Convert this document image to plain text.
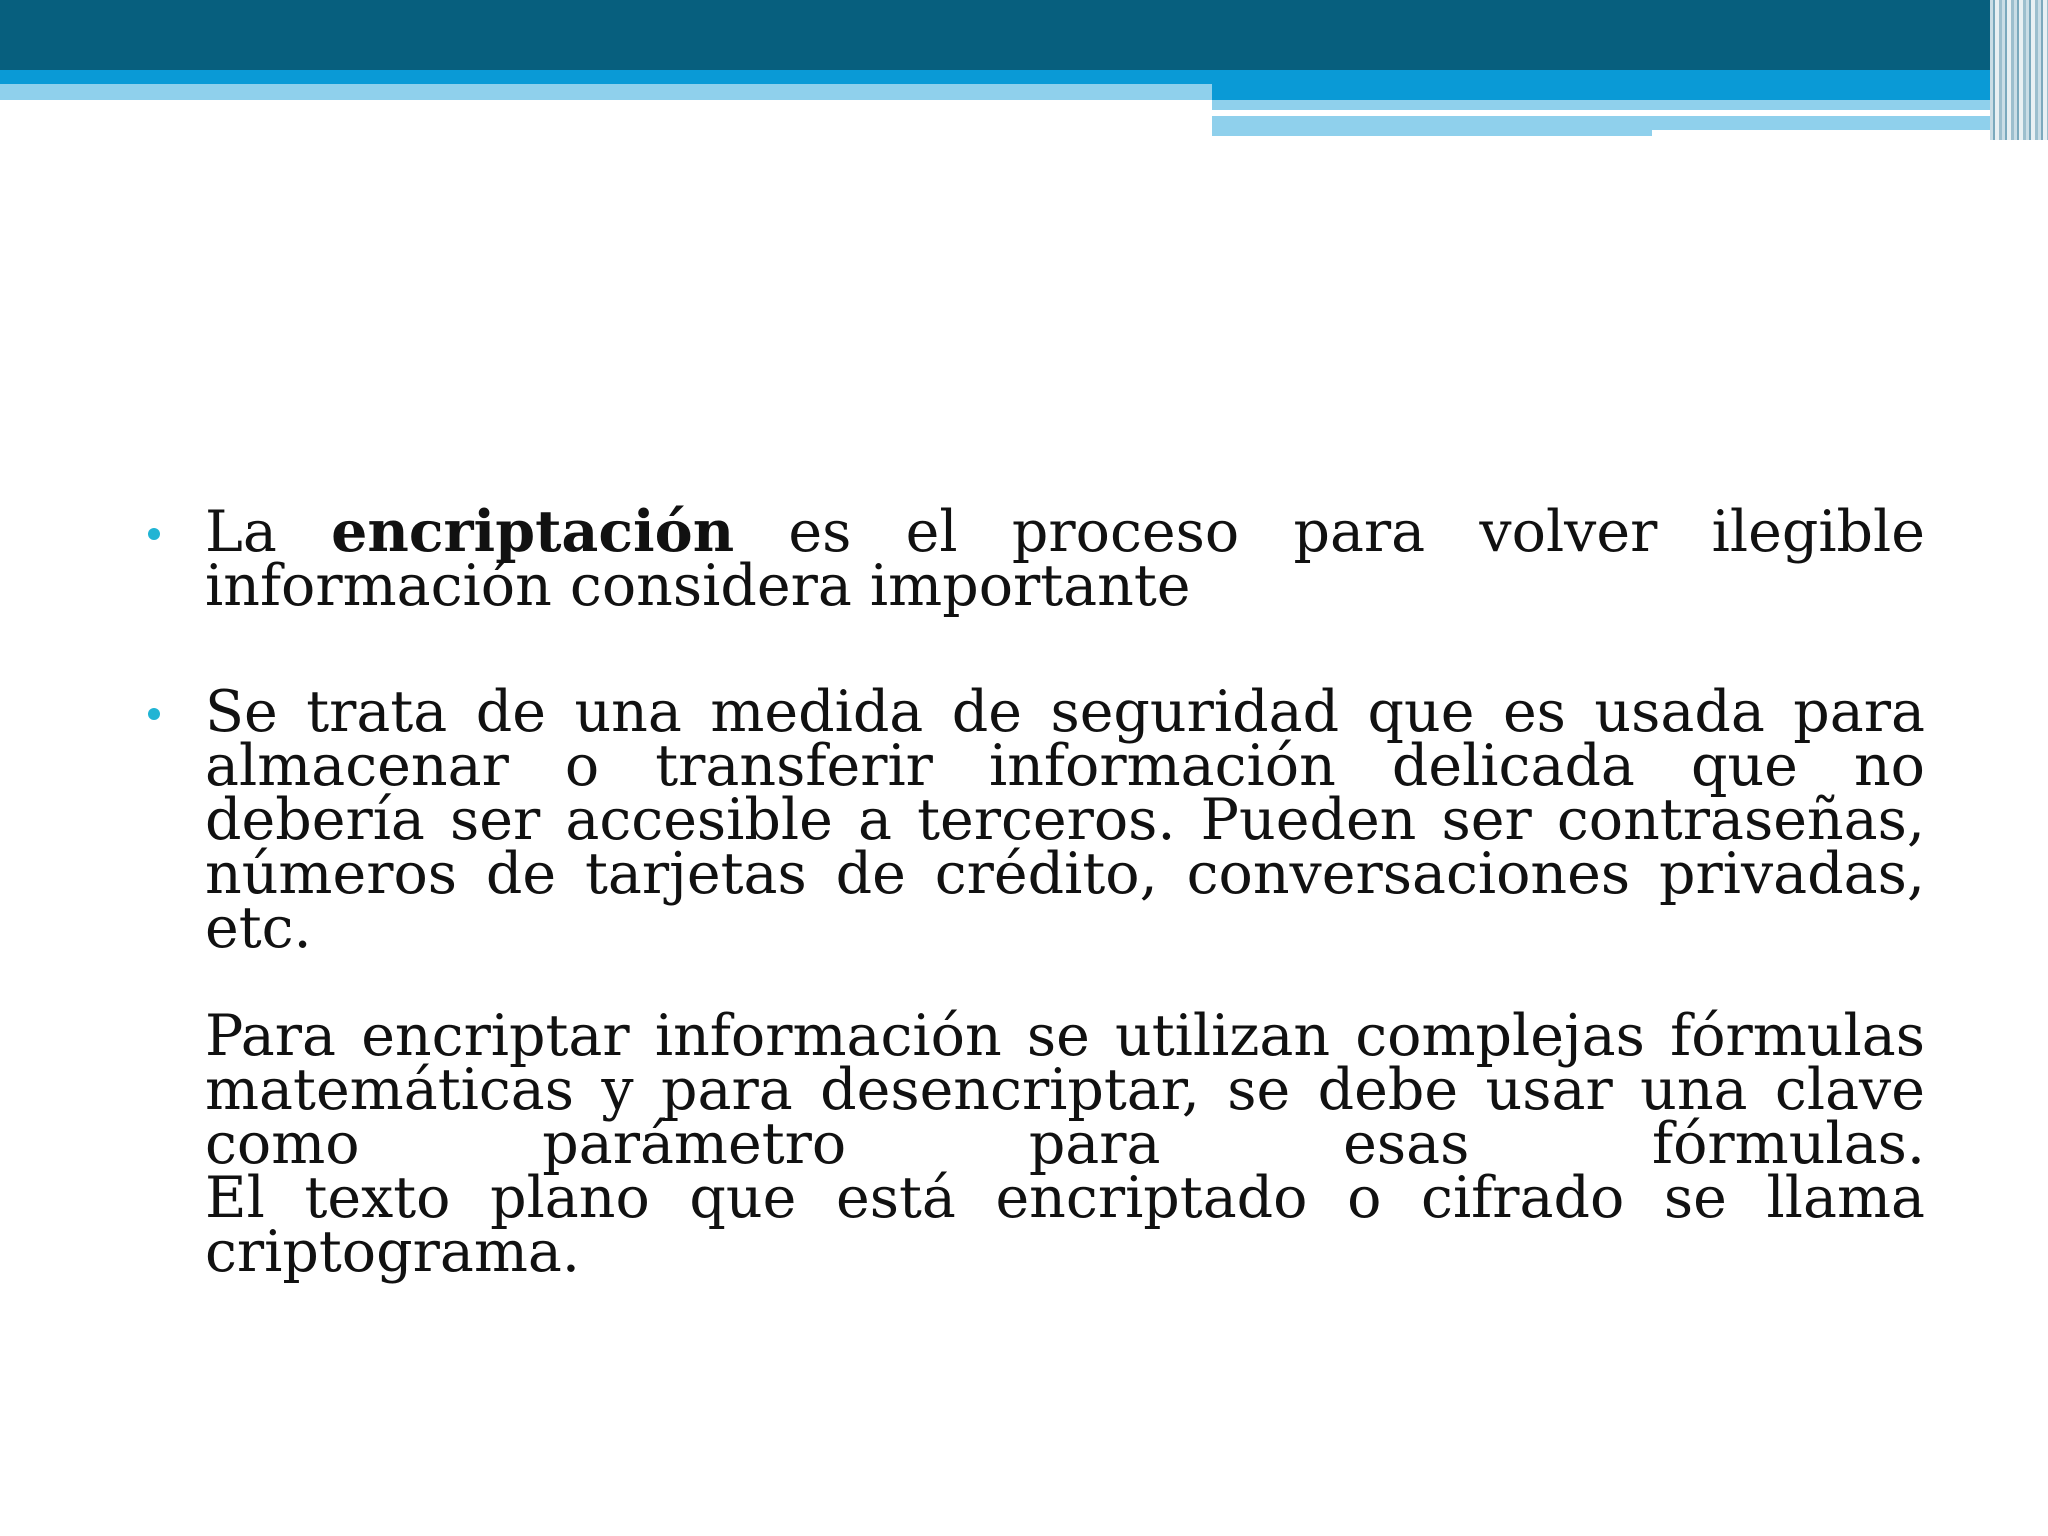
La encriptación es el proceso para volver ilegible información considera importante
Se trata de una medida de seguridad que es usada para almacenar o transferir información delicada que no debería ser accesible a terceros. Pueden ser contraseñas, números de tarjetas de crédito, conversaciones privadas, etc.
Para encriptar información se utilizan complejas fórmulas matemáticas y para desencriptar, se debe usar una clave como parámetro para esas fórmulas.
El texto plano que está encriptado o cifrado se llama criptograma.
